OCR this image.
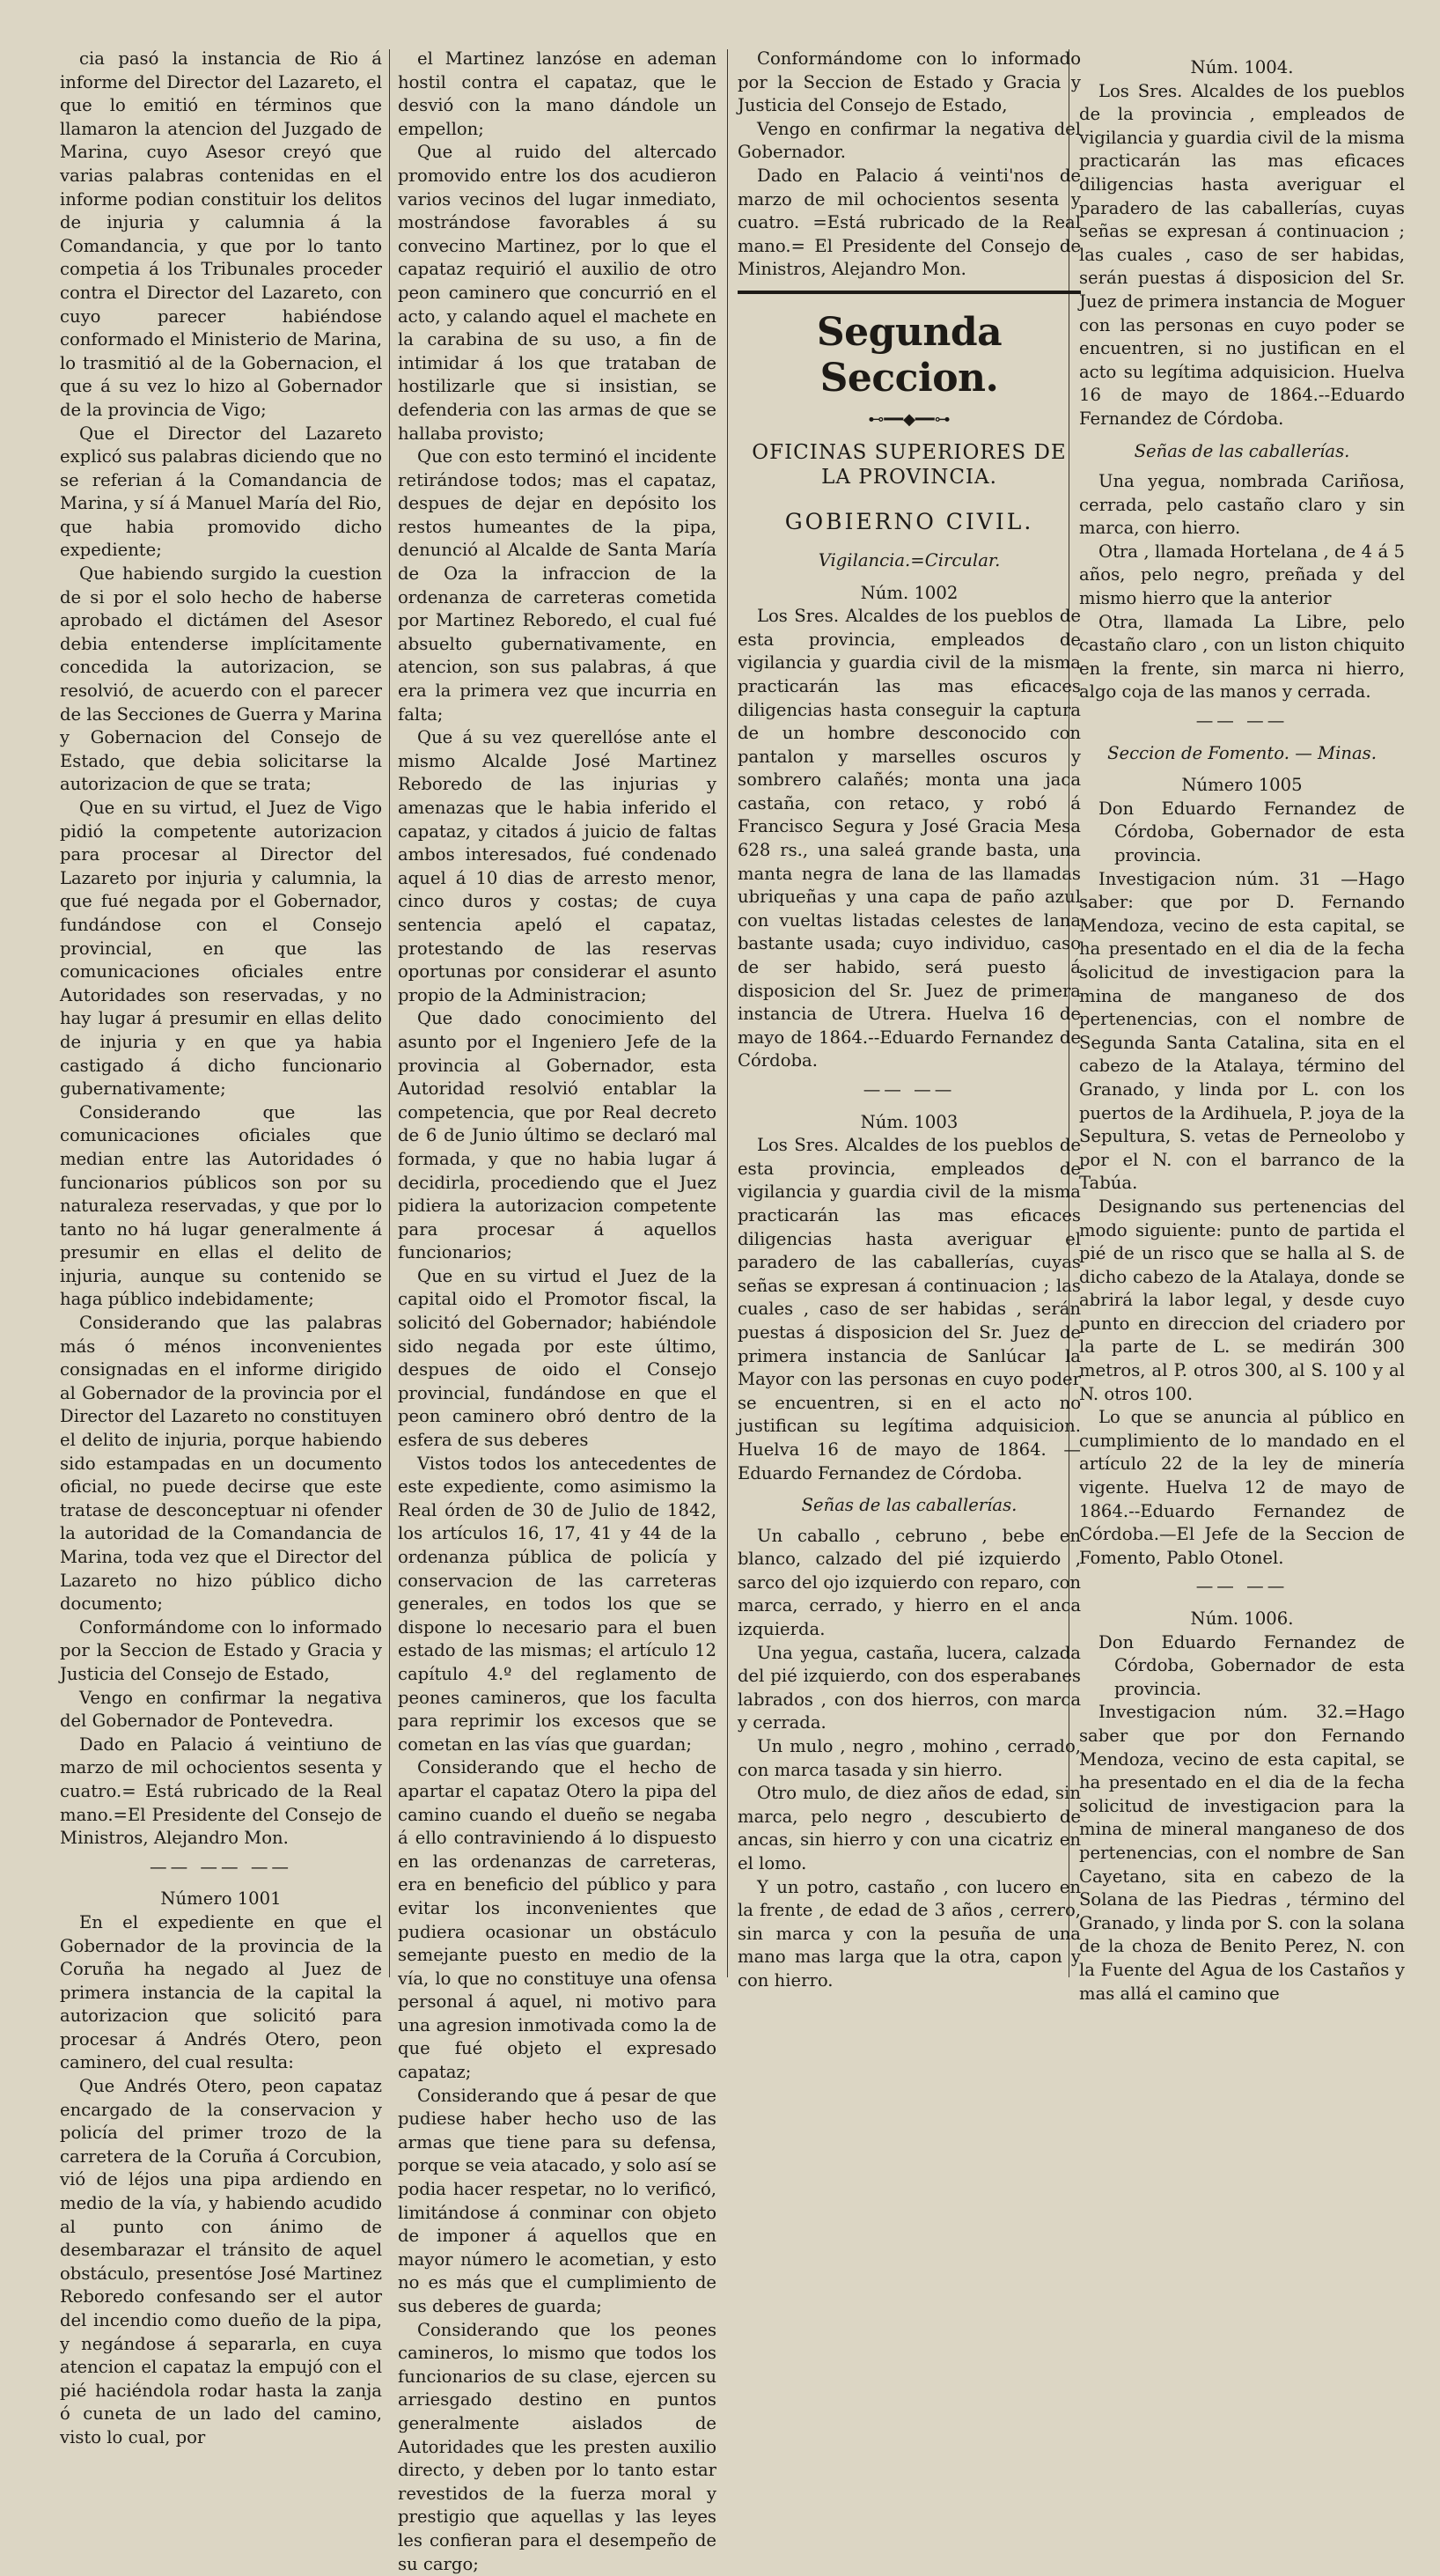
cia pasó la instancia de Rio á informe del Director del Lazareto, el que lo emitió en términos que llamaron la atencion del Juzgado de Marina, cuyo Asesor creyó que varias palabras contenidas en el informe podian constituir los delitos de injuria y calumnia á la Comandancia, y que por lo tanto competia á los Tribunales proceder contra el Director del Lazareto, con cuyo parecer habiéndose conformado el Ministerio de Marina, lo trasmitió al de la Gobernacion, el que á su vez lo hizo al Gobernador de la provincia de Vigo;

Que el Director del Lazareto explicó sus palabras diciendo que no se referian á la Comandancia de Marina, y sí á Manuel María del Rio, que habia promovido dicho expediente;

Que habiendo surgido la cuestion de si por el solo hecho de haberse aprobado el dictámen del Asesor debia entenderse implícitamente concedida la autorizacion, se resolvió, de acuerdo con el parecer de las Secciones de Guerra y Marina y Gobernacion del Consejo de Estado, que debia solicitarse la autorizacion de que se trata;

Que en su virtud, el Juez de Vigo pidió la competente autorizacion para procesar al Director del Lazareto por injuria y calumnia, la que fué negada por el Gobernador, fundándose con el Consejo provincial, en que las comunicaciones oficiales entre Autoridades son reservadas, y no hay lugar á presumir en ellas delito de injuria y en que ya habia castigado á dicho funcionario gubernativamente;

Considerando que las comunicaciones oficiales que median entre las Autoridades ó funcionarios públicos son por su naturaleza reservadas, y que por lo tanto no há lugar generalmente á presumir en ellas el delito de injuria, aunque su contenido se haga público indebidamente;

Considerando que las palabras más ó ménos inconvenientes consignadas en el informe dirigido al Gobernador de la provincia por el Director del Lazareto no constituyen el delito de injuria, porque habiendo sido estampadas en un documento oficial, no puede decirse que este tratase de desconceptuar ni ofender la autoridad de la Comandancia de Marina, toda vez que el Director del Lazareto no hizo público dicho documento;

Conformándome con lo informado por la Seccion de Estado y Gracia y Justicia del Consejo de Estado,

Vengo en confirmar la negativa del Gobernador de Pontevedra.

Dado en Palacio á veintiuno de marzo de mil ochocientos sesenta y cuatro.= Está rubricado de la Real mano.=El Presidente del Consejo de Ministros, Alejandro Mon.

—— —— ——

Número 1001

En el expediente en que el Gobernador de la provincia de la Coruña ha negado al Juez de primera instancia de la capital la autorizacion que solicitó para procesar á Andrés Otero, peon caminero, del cual resulta:

Que Andrés Otero, peon capataz encargado de la conservacion y policía del primer trozo de la carretera de la Coruña á Corcubion, vió de léjos una pipa ardiendo en medio de la vía, y habiendo acudido al punto con ánimo de desembarazar el tránsito de aquel obstáculo, presentóse José Martinez Reboredo confesando ser el autor del incendio como dueño de la pipa, y negándose á separarla, en cuya atencion el capataz la empujó con el pié haciéndola rodar hasta la zanja ó cuneta de un lado del camino, visto lo cual, por

el Martinez lanzóse en ademan hostil contra el capataz, que le desvió con la mano dándole un empellon;

Que al ruido del altercado promovido entre los dos acudieron varios vecinos del lugar inmediato, mostrándose favorables á su convecino Martinez, por lo que el capataz requirió el auxilio de otro peon caminero que concurrió en el acto, y calando aquel el machete en la carabina de su uso, a fin de intimidar á los que trataban de hostilizarle que si insistian, se defenderia con las armas de que se hallaba provisto;

Que con esto terminó el incidente retirándose todos; mas el capataz, despues de dejar en depósito los restos humeantes de la pipa, denunció al Alcalde de Santa María de Oza la infraccion de la ordenanza de carreteras cometida por Martinez Reboredo, el cual fué absuelto gubernativamente, en atencion, son sus palabras, á que era la primera vez que incurria en falta;

Que á su vez querellóse ante el mismo Alcalde José Martinez Reboredo de las injurias y amenazas que le habia inferido el capataz, y citados á juicio de faltas ambos interesados, fué condenado aquel á 10 dias de arresto menor, cinco duros y costas; de cuya sentencia apeló el capataz, protestando de las reservas oportunas por considerar el asunto propio de la Administracion;

Que dado conocimiento del asunto por el Ingeniero Jefe de la provincia al Gobernador, esta Autoridad resolvió entablar la competencia, que por Real decreto de 6 de Junio último se declaró mal formada, y que no habia lugar á decidirla, procediendo que el Juez pidiera la autorizacion competente para procesar á aquellos funcionarios;

Que en su virtud el Juez de la capital oido el Promotor fiscal, la solicitó del Gobernador; habiéndole sido negada por este último, despues de oido el Consejo provincial, fundándose en que el peon caminero obró dentro de la esfera de sus deberes

Vistos todos los antecedentes de este expediente, como asimismo la Real órden de 30 de Julio de 1842, los artículos 16, 17, 41 y 44 de la ordenanza pública de policía y conservacion de las carreteras generales, en todos los que se dispone lo necesario para el buen estado de las mismas; el artículo 12 capítulo 4.º del reglamento de peones camineros, que los faculta para reprimir los excesos que se cometan en las vías que guardan;

Considerando que el hecho de apartar el capataz Otero la pipa del camino cuando el dueño se negaba á ello contraviniendo á lo dispuesto en las ordenanzas de carreteras, era en beneficio del público y para evitar los inconvenientes que pudiera ocasionar un obstáculo semejante puesto en medio de la vía, lo que no constituye una ofensa personal á aquel, ni motivo para una agresion inmotivada como la de que fué objeto el expresado capataz;

Considerando que á pesar de que pudiese haber hecho uso de las armas que tiene para su defensa, porque se veia atacado, y solo así se podia hacer respetar, no lo verificó, limitándose á conminar con objeto de imponer á aquellos que en mayor número le acometian, y esto no es más que el cumplimiento de sus deberes de guarda;

Considerando que los peones camineros, lo mismo que todos los funcionarios de su clase, ejercen su arriesgado destino en puntos generalmente aislados de Autoridades que les presten auxilio directo, y deben por lo tanto estar revestidos de la fuerza moral y prestigio que aquellas y las leyes les confieran para el desempeño de su cargo;

Conformándome con lo informado por la Seccion de Estado y Gracia y Justicia del Consejo de Estado,

Vengo en confirmar la negativa del Gobernador.

Dado en Palacio á veinti'nos de marzo de mil ochocientos sesenta y cuatro. =Está rubricado de la Real mano.= El Presidente del Consejo de Ministros, Alejandro Mon.

Segunda Seccion.

⊷━━◆━━⊶

OFICINAS SUPERIORES DE LA PROVINCIA.

GOBIERNO CIVIL.

Vigilancia.=Circular.

Núm. 1002

Los Sres. Alcaldes de los pueblos de esta provincia, empleados de vigilancia y guardia civil de la misma practicarán las mas eficaces diligencias hasta conseguir la captura de un hombre desconocido con pantalon y marselles oscuros y sombrero calañés; monta una jaca castaña, con retaco, y robó á Francisco Segura y José Gracia Mesa 628 rs., una saleá grande basta, una manta negra de lana de las llamadas ubriqueñas y una capa de paño azul con vueltas listadas celestes de lana bastante usada; cuyo individuo, caso de ser habido, será puesto á disposicion del Sr. Juez de primera instancia de Utrera. Huelva 16 de mayo de 1864.--Eduardo Fernandez de Córdoba.

—— ——

Núm. 1003

Los Sres. Alcaldes de los pueblos de esta provincia, empleados de vigilancia y guardia civil de la misma practicarán las mas eficaces diligencias hasta averiguar el paradero de las caballerías, cuyas señas se expresan á continuacion ; las cuales , caso de ser habidas , serán puestas á disposicion del Sr. Juez de primera instancia de Sanlúcar la Mayor con las personas en cuyo poder se encuentren, si en el acto no justifican su legítima adquisicion. Huelva 16 de mayo de 1864. —Eduardo Fernandez de Córdoba.

Señas de las caballerías.

Un caballo , cebruno , bebe en blanco, calzado del pié izquierdo , sarco del ojo izquierdo con reparo, con marca, cerrado, y hierro en el anca izquierda.

Una yegua, castaña, lucera, calzada del pié izquierdo, con dos esperabanes labrados , con dos hierros, con marca y cerrada.

Un mulo , negro , mohino , cerrado, con marca tasada y sin hierro.

Otro mulo, de diez años de edad, sin marca, pelo negro , descubierto de ancas, sin hierro y con una cicatriz en el lomo.

Y un potro, castaño , con lucero en la frente , de edad de 3 años , cerrero, sin marca y con la pesuña de una mano mas larga que la otra, capon y con hierro.

Núm. 1004.

Los Sres. Alcaldes de los pueblos de la provincia , empleados de vigilancia y guardia civil de la misma practicarán las mas eficaces diligencias hasta averiguar el paradero de las caballerías, cuyas señas se expresan á continuacion ; las cuales , caso de ser habidas, serán puestas á disposicion del Sr. Juez de primera instancia de Moguer con las personas en cuyo poder se encuentren, si no justifican en el acto su legítima adquisicion. Huelva 16 de mayo de 1864.--Eduardo Fernandez de Córdoba.

Señas de las caballerías.

Una yegua, nombrada Cariñosa, cerrada, pelo castaño claro y sin marca, con hierro.

Otra , llamada Hortelana , de 4 á 5 años, pelo negro, preñada y del mismo hierro que la anterior

Otra, llamada La Libre, pelo castaño claro , con un liston chiquito en la frente, sin marca ni hierro, algo coja de las manos y cerrada.

—— ——

Seccion de Fomento. — Minas.

Número 1005

Don Eduardo Fernandez de Córdoba, Gobernador de esta provincia.

Investigacion núm. 31 —Hago saber: que por D. Fernando Mendoza, vecino de esta capital, se ha presentado en el dia de la fecha solicitud de investigacion para la mina de manganeso de dos pertenencias, con el nombre de Segunda Santa Catalina, sita en el cabezo de la Atalaya, término del Granado, y linda por L. con los puertos de la Ardihuela, P. joya de la Sepultura, S. vetas de Perneolobo y por el N. con el barranco de la Tabúa.

Designando sus pertenencias del modo siguiente: punto de partida el pié de un risco que se halla al S. de dicho cabezo de la Atalaya, donde se abrirá la labor legal, y desde cuyo punto en direccion del criadero por la parte de L. se medirán 300 metros, al P. otros 300, al S. 100 y al N. otros 100.

Lo que se anuncia al público en cumplimiento de lo mandado en el artículo 22 de la ley de minería vigente. Huelva 12 de mayo de 1864.--Eduardo Fernandez de Córdoba.—El Jefe de la Seccion de Fomento, Pablo Otonel.

—— ——

Núm. 1006.

Don Eduardo Fernandez de Córdoba, Gobernador de esta provincia.

Investigacion núm. 32.=Hago saber que por don Fernando Mendoza, vecino de esta capital, se ha presentado en el dia de la fecha solicitud de investigacion para la mina de mineral manganeso de dos pertenencias, con el nombre de San Cayetano, sita en cabezo de la Solana de las Piedras , término del Granado, y linda por S. con la solana de la choza de Benito Perez, N. con la Fuente del Agua de los Castaños y mas allá el camino que
